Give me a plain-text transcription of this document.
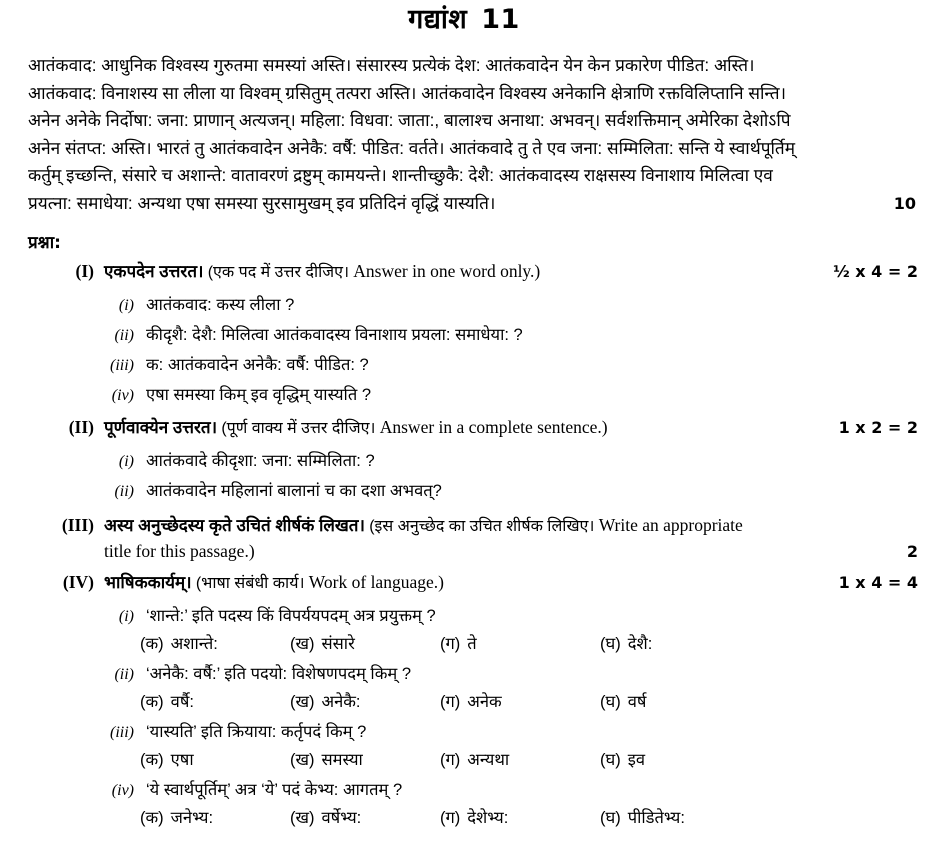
गद्यांश 11
आतंकवाद: आधुनिक विश्वस्य गुरुतमा समस्यां अस्ति। संसारस्य प्रत्येकं देश: आतंकवादेन येन केन प्रकारेण पीडित: अस्ति।
आतंकवाद: विनाशस्य सा लीला या विश्वम् ग्रसितुम् तत्परा अस्ति। आतंकवादेन विश्वस्य अनेकानि क्षेत्राणि रक्तविलिप्तानि सन्ति।
अनेन अनेके निर्दोषा: जना: प्राणान् अत्यजन्। महिला: विधवा: जाता:, बालाश्च अनाथा: अभवन्। सर्वशक्तिमान् अमेरिका देशोऽपि
अनेन संतप्त: अस्ति। भारतं तु आतंकवादेन अनेकै: वर्षै: पीडित: वर्तते। आतंकवादे तु ते एव जना: सम्मिलिता: सन्ति ये स्वार्थपूर्तिम्
कर्तुम् इच्छन्ति, संसारे च अशान्ते: वातावरणं द्रष्टुम् कामयन्ते। शान्तीच्छुकै: देशै: आतंकवादस्य राक्षसस्य विनाशाय मिलित्वा एव
प्रयत्ना: समाधेया: अन्यथा एषा समस्या सुरसामुखम् इव प्रतिदिनं वृद्धिं यास्यति।	10
प्रश्ना:
(I) एकपदेन उत्तरत। (एक पद में उत्तर दीजिए। Answer in one word only.)	½ x 4 = 2
(i) आतंकवाद: कस्य लीला ?
(ii) कीदृशै: देशै: मिलित्वा आतंकवादस्य विनाशाय प्रयला: समाधेया: ?
(iii) क: आतंकवादेन अनेकै: वर्षै: पीडित: ?
(iv) एषा समस्या किम् इव वृद्धिम् यास्यति ?
(II) पूर्णवाक्येन उत्तरत। (पूर्ण वाक्य में उत्तर दीजिए। Answer in a complete sentence.)	1 x 2 = 2
(i) आतंकवादे कीदृशा: जना: सम्मिलिता: ?
(ii) आतंकवादेन महिलानां बालानां च का दशा अभवत्?
(III) अस्य अनुच्छेदस्य कृते उचितं शीर्षकं लिखत। (इस अनुच्छेद का उचित शीर्षक लिखिए। Write an appropriate
title for this passage.)	2
(IV) भाषिककार्यम्। (भाषा संबंधी कार्य। Work of language.)	1 x 4 = 4
(i) ‘शान्ते:’ इति पदस्य किं विपर्ययपदम् अत्र प्रयुक्तम् ?
(क) अशान्ते:	(ख) संसारे	(ग) ते	(घ) देशै:
(ii) ‘अनेकै: वर्षै:’ इति पदयो: विशेषणपदम् किम् ?
(क) वर्षै:	(ख) अनेकै:	(ग) अनेक	(घ) वर्ष
(iii) ‘यास्यति’ इति क्रियाया: कर्तृपदं किम् ?
(क) एषा	(ख) समस्या	(ग) अन्यथा	(घ) इव
(iv) ‘ये स्वार्थपूर्तिम्’ अत्र ‘ये’ पदं केभ्य: आगतम् ?
(क) जनेभ्य:	(ख) वर्षेभ्य:	(ग) देशेभ्य:	(घ) पीडितेभ्य:
